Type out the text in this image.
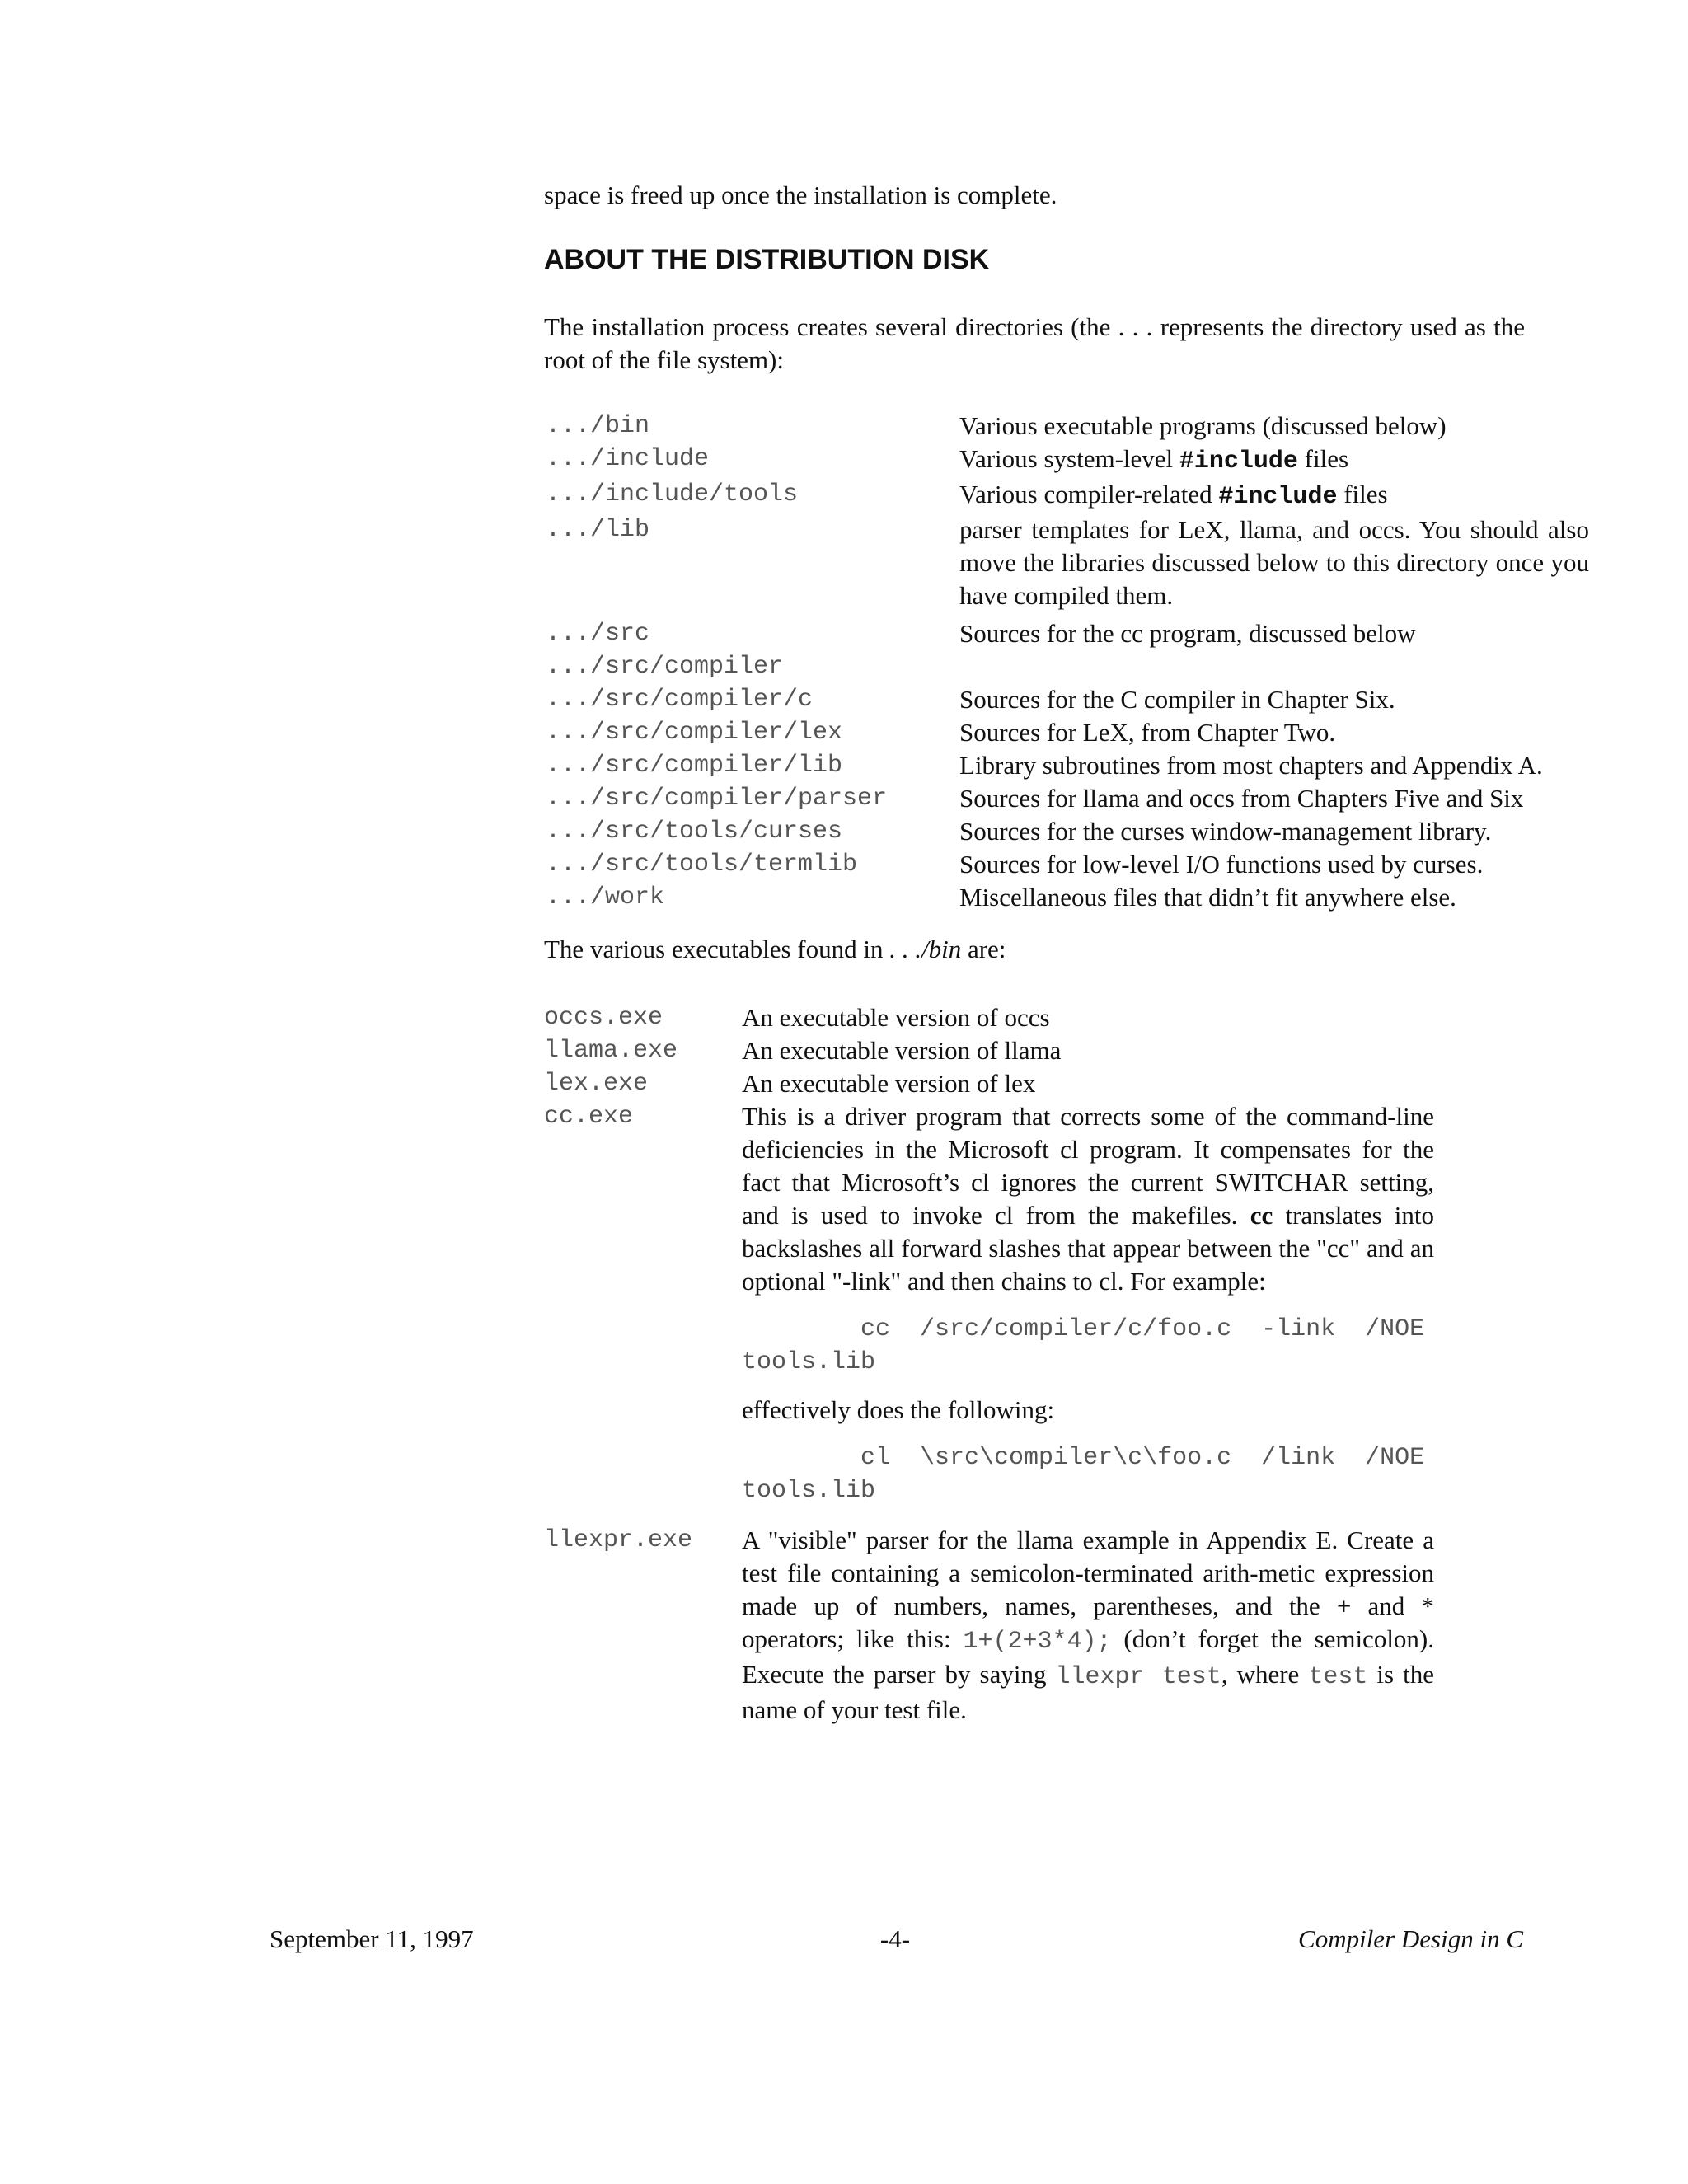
space is freed up once the installation is complete.
ABOUT THE DISTRIBUTION DISK
The installation process creates several directories (the . . . represents the directory used as the root of the file system):
.../bin	Various executable programs (discussed below)
.../include	Various system-level #include files
.../include/tools	Various compiler-related #include files
.../lib	parser templates for LeX, llama, and occs. You should also move the libraries discussed below to this directory once you have compiled them.
.../src	Sources for the cc program, discussed below
.../src/compiler
.../src/compiler/c	Sources for the C compiler in Chapter Six.
.../src/compiler/lex	Sources for LeX, from Chapter Two.
.../src/compiler/lib	Library subroutines from most chapters and Appendix A.
.../src/compiler/parser	Sources for llama and occs from Chapters Five and Six
.../src/tools/curses	Sources for the curses window-management library.
.../src/tools/termlib	Sources for low-level I/O functions used by curses.
.../work	Miscellaneous files that didn’t fit anywhere else.
The various executables found in . . ./bin are:
occs.exe	An executable version of occs
llama.exe	An executable version of llama
lex.exe	An executable version of lex
cc.exe	This is a driver program that corrects some of the command-line deficiencies in the Microsoft cl program. It compensates for the fact that Microsoft’s cl ignores the current SWITCHAR setting, and is used to invoke cl from the makefiles. cc translates into backslashes all forward slashes that appear between the "cc" and an optional "-link" and then chains to cl. For example:
cc  /src/compiler/c/foo.c  -link  /NOE
tools.lib
effectively does the following:
cl  \src\compiler\c\foo.c  /link  /NOE
tools.lib
llexpr.exe	A "visible" parser for the llama example in Appendix E. Create a test file containing a semicolon-terminated arith-metic expression made up of numbers, names, parentheses, and the + and * operators; like this: 1+(2+3*4); (don’t forget the semicolon). Execute the parser by saying llexpr test, where test is the name of your test file.
September 11, 1997	-4-	Compiler Design in C
